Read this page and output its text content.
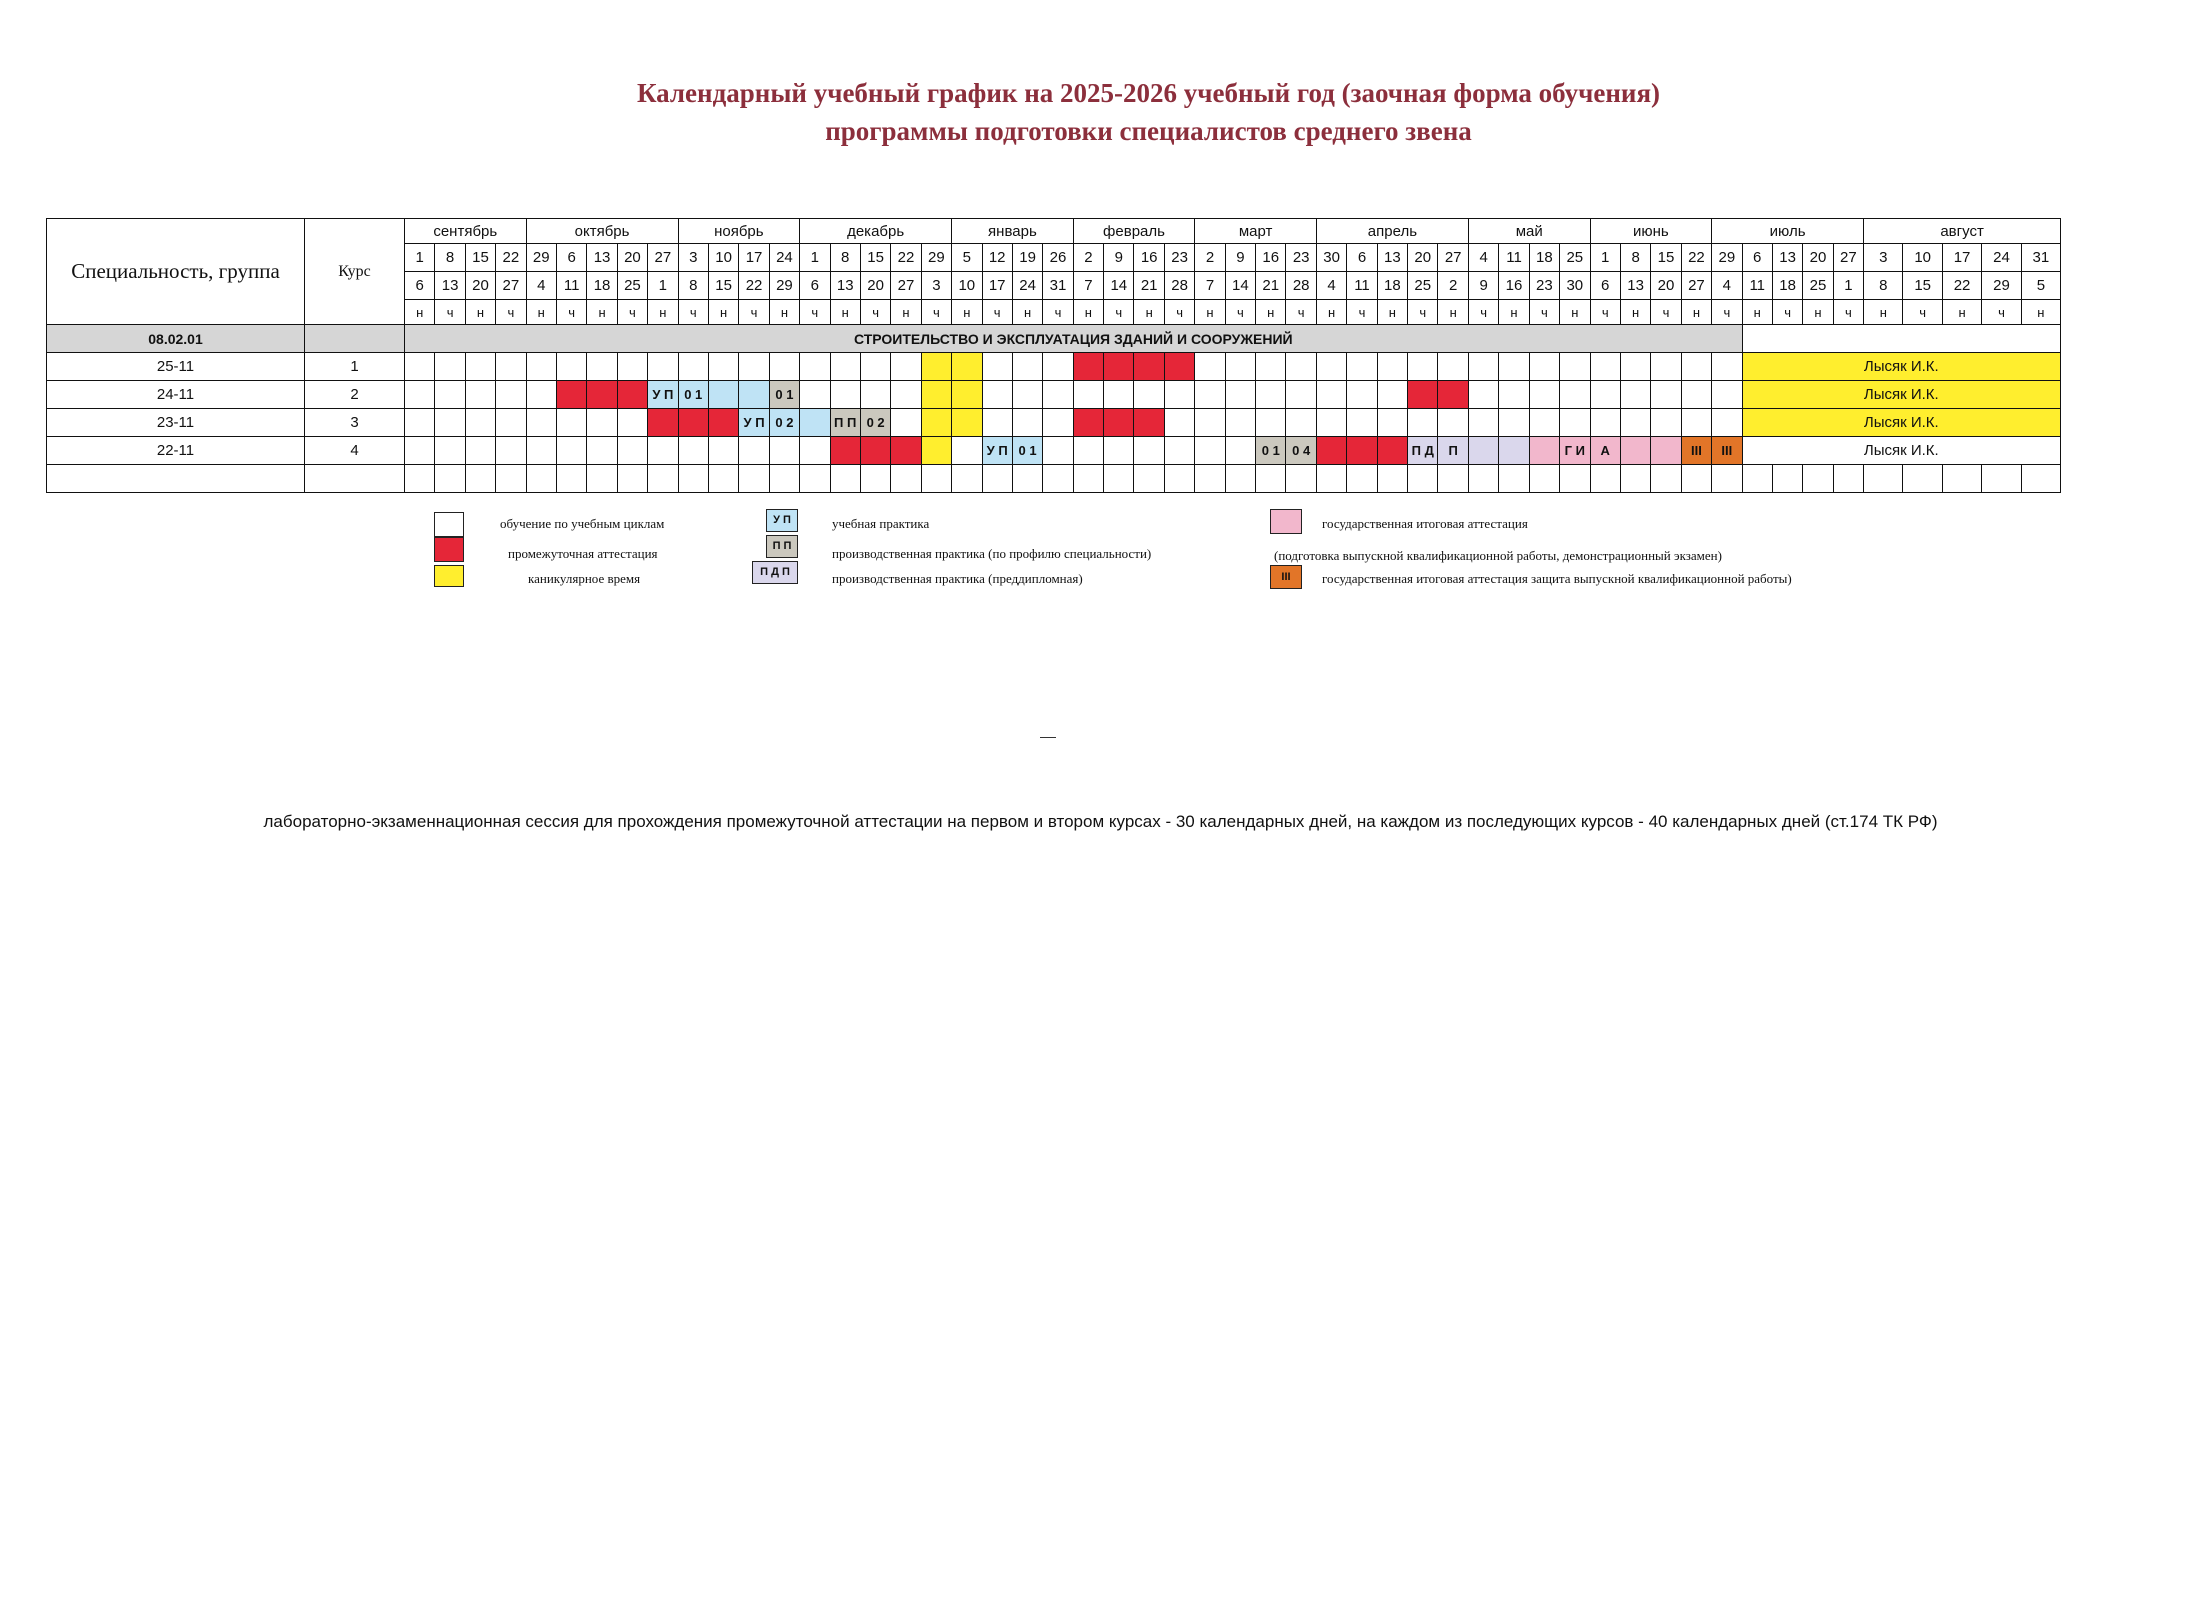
Календарный учебный график на 2025-2026 учебный год (заочная форма обучения)
программы подготовки специалистов среднего звена
Специальность, группа	Курс	сентябрь				октябрь					ноябрь				декабрь					январь				февраль				март				апрель					май				июнь				июль					август				
		1	8	15	22	29	6	13	20	27	3	10	17	24	1	8	15	22	29	5	12	19	26	2	9	16	23	2	9	16	23	30	6	13	20	27	4	11	18	25	1	8	15	22	29	6	13	20	27	3	10	17	24	31
		6	13	20	27	4	11	18	25	1	8	15	22	29	6	13	20	27	3	10	17	24	31	7	14	21	28	7	14	21	28	4	11	18	25	2	9	16	23	30	6	13	20	27	4	11	18	25	1	8	15	22	29	5
		н	ч	н	ч	н	ч	н	ч	н	ч	н	ч	н	ч	н	ч	н	ч	н	ч	н	ч	н	ч	н	ч	н	ч	н	ч	н	ч	н	ч	н	ч	н	ч	н	ч	н	ч	н	ч	н	ч	н	ч	н	ч	н	ч	н
08.02.01		СТРОИТЕЛЬСТВО И ЭКСПЛУАТАЦИЯ ЗДАНИЙ И СООРУЖЕНИЙ																																																				
25-11	1																																													Лысяк И.К.								
24-11	2									У П	0 1			0 1																																Лысяк И.К.								
23-11	3												У П	0 2		П П	0 2																													Лысяк И.К.								
22-11	4																				У П	0 1								0 1	0 4				П Д	П				Г И	А			III	III	Лысяк И.К.								

обучение по учебным циклам
промежуточная аттестация
каникулярное время
У П	учебная практика
П П	производственная практика (по профилю специальности)
П Д П	производственная практика (преддипломная)
государственная итоговая аттестация
(подготовка выпускной квалификационной работы, демонстрационный экзамен)
III	государственная итоговая аттестация защита выпускной квалификационной работы)
лабораторно-экзаменнационная сессия для прохождения промежуточной аттестации на первом и втором курсах - 30 календарных дней, на каждом из последующих курсов - 40 календарных дней (ст.174 ТК РФ)
